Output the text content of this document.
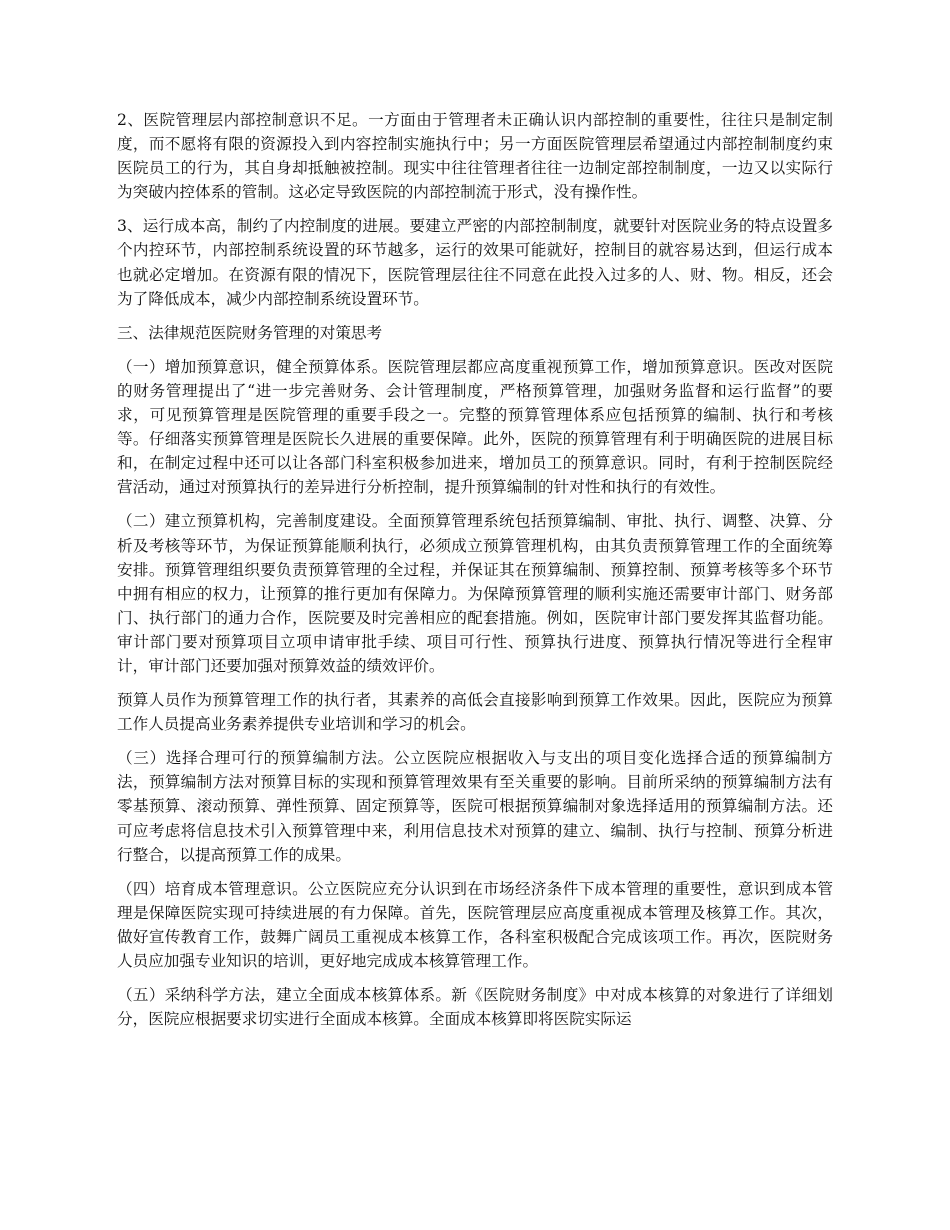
2、医院管理层内部控制意识不足。一方面由于管理者未正确认识内部控制的重要性，往往只是制定制度，而不愿将有限的资源投入到内容控制实施执行中；另一方面医院管理层希望通过内部控制制度约束医院员工的行为，其自身却抵触被控制。现实中往往管理者往往一边制定部控制制度，一边又以实际行为突破内控体系的管制。这必定导致医院的内部控制流于形式，没有操作性。

3、运行成本高，制约了内控制度的进展。要建立严密的内部控制制度，就要针对医院业务的特点设置多个内控环节，内部控制系统设置的环节越多，运行的效果可能就好，控制目的就容易达到，但运行成本也就必定增加。在资源有限的情况下，医院管理层往往不同意在此投入过多的人、财、物。相反，还会为了降低成本，减少内部控制系统设置环节。

三、法律规范医院财务管理的对策思考

（一）增加预算意识，健全预算体系。医院管理层都应高度重视预算工作，增加预算意识。医改对医院的财务管理提出了“进一步完善财务、会计管理制度，严格预算管理，加强财务监督和运行监督”的要求，可见预算管理是医院管理的重要手段之一。完整的预算管理体系应包括预算的编制、执行和考核等。仔细落实预算管理是医院长久进展的重要保障。此外，医院的预算管理有利于明确医院的进展目标和，在制定过程中还可以让各部门科室积极参加进来，增加员工的预算意识。同时，有利于控制医院经营活动，通过对预算执行的差异进行分析控制，提升预算编制的针对性和执行的有效性。

（二）建立预算机构，完善制度建设。全面预算管理系统包括预算编制、审批、执行、调整、决算、分析及考核等环节，为保证预算能顺利执行，必须成立预算管理机构，由其负责预算管理工作的全面统筹安排。预算管理组织要负责预算管理的全过程，并保证其在预算编制、预算控制、预算考核等多个环节中拥有相应的权力，让预算的推行更加有保障力。为保障预算管理的顺利实施还需要审计部门、财务部门、执行部门的通力合作，医院要及时完善相应的配套措施。例如，医院审计部门要发挥其监督功能。审计部门要对预算项目立项申请审批手续、项目可行性、预算执行进度、预算执行情况等进行全程审计，审计部门还要加强对预算效益的绩效评价。

预算人员作为预算管理工作的执行者，其素养的高低会直接影响到预算工作效果。因此，医院应为预算工作人员提高业务素养提供专业培训和学习的机会。

（三）选择合理可行的预算编制方法。公立医院应根据收入与支出的项目变化选择合适的预算编制方法，预算编制方法对预算目标的实现和预算管理效果有至关重要的影响。目前所采纳的预算编制方法有零基预算、滚动预算、弹性预算、固定预算等，医院可根据预算编制对象选择适用的预算编制方法。还可应考虑将信息技术引入预算管理中来，利用信息技术对预算的建立、编制、执行与控制、预算分析进行整合，以提高预算工作的成果。

（四）培育成本管理意识。公立医院应充分认识到在市场经济条件下成本管理的重要性，意识到成本管理是保障医院实现可持续进展的有力保障。首先，医院管理层应高度重视成本管理及核算工作。其次，做好宣传教育工作，鼓舞广阔员工重视成本核算工作，各科室积极配合完成该项工作。再次，医院财务人员应加强专业知识的培训，更好地完成成本核算管理工作。

（五）采纳科学方法，建立全面成本核算体系。新《医院财务制度》中对成本核算的对象进行了详细划分，医院应根据要求切实进行全面成本核算。全面成本核算即将医院实际运
